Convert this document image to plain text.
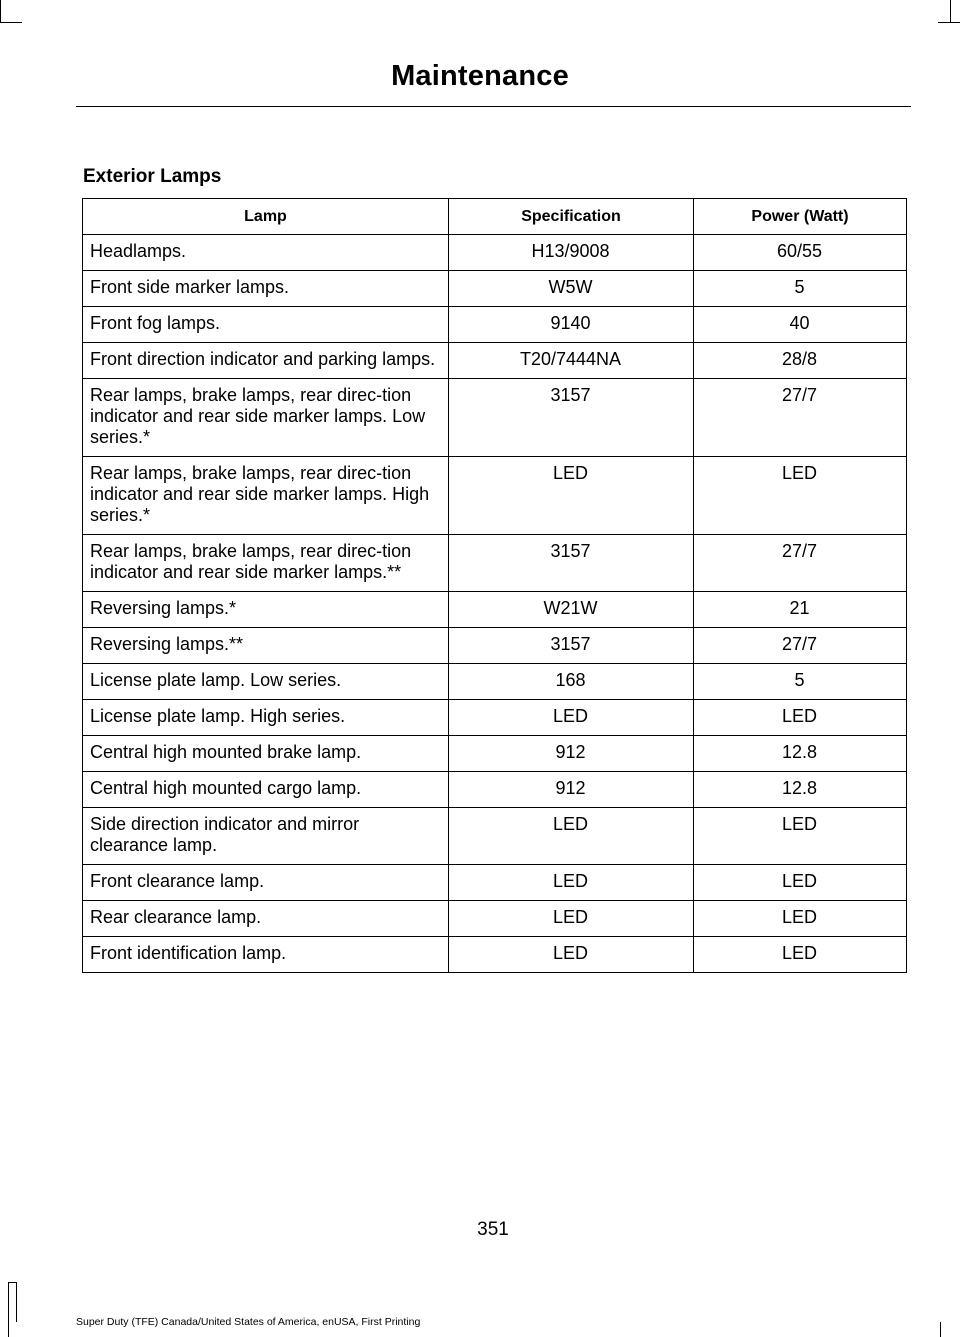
Maintenance
Exterior Lamps
Lamp	Specification	Power (Watt)
Headlamps.	H13/9008	60/55
Front side marker lamps.	W5W	5
Front fog lamps.	9140	40
Front direction indicator and parking lamps.	T20/7444NA	28/8
Rear lamps, brake lamps, rear direc-tion indicator and rear side marker lamps. Low series.*	3157	27/7
Rear lamps, brake lamps, rear direc-tion indicator and rear side marker lamps. High series.*	LED	LED
Rear lamps, brake lamps, rear direc-tion indicator and rear side marker lamps.**	3157	27/7
Reversing lamps.*	W21W	21
Reversing lamps.**	3157	27/7
License plate lamp. Low series.	168	5
License plate lamp. High series.	LED	LED
Central high mounted brake lamp.	912	12.8
Central high mounted cargo lamp.	912	12.8
Side direction indicator and mirror clearance lamp.	LED	LED
Front clearance lamp.	LED	LED
Rear clearance lamp.	LED	LED
Front identification lamp.	LED	LED
351
Super Duty (TFE) Canada/United States of America, enUSA, First Printing
